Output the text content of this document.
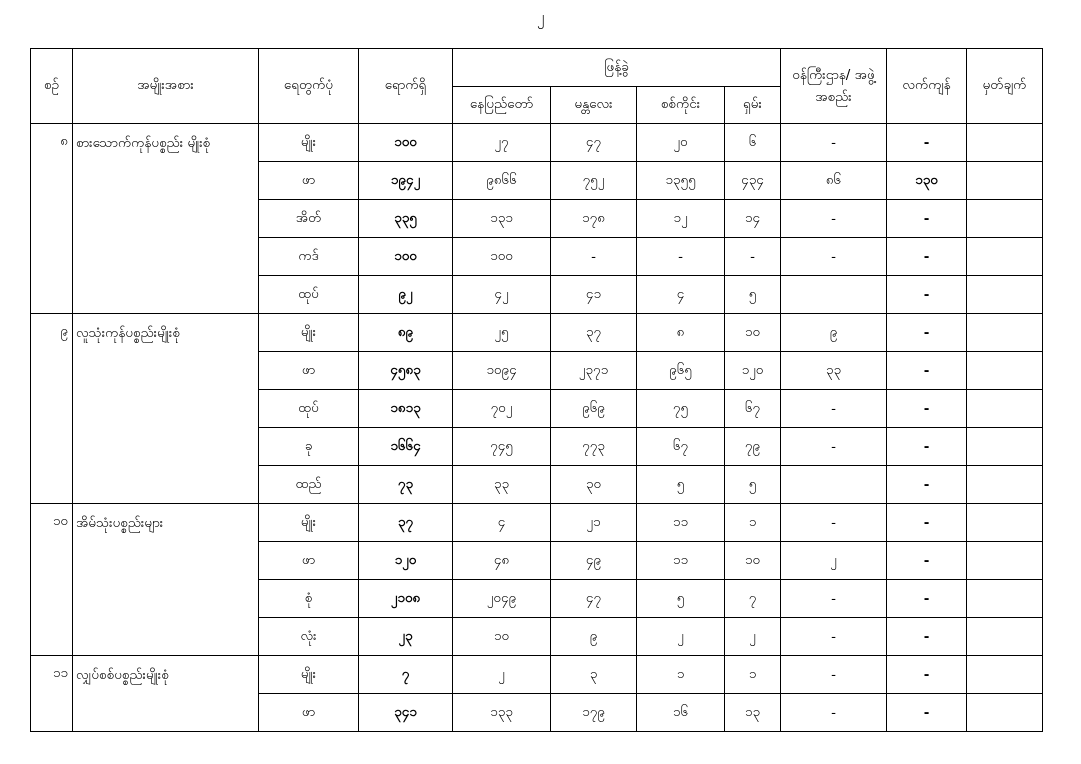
၂
စဉ်	အမျိုးအစား	ရေတွက်ပုံ	ရောက်ရှိ	ဖြန့်ခွဲ				ဝန်ကြီးဌာန/ အဖွဲ့အစည်း	လက်ကျန်	မှတ်ချက်
				နေပြည်တော်	မန္တလေး	စစ်ကိုင်း	ရှမ်း			
၈	စားသောက်ကုန်ပစ္စည်း မျိုးစုံ	မျိုး	၁၀၀	၂၇	၄၇	၂၀	၆	-	-	
		ဖာ	၁၉၄၂	၉၈၆၆	၇၅၂	၁၃၅၅	၄၃၄	၈၆	၁၃၀	
		အိတ်	၃၃၅	၁၃၁	၁၇၈	၁၂	၁၄	-	-	
		ကဒ်	၁၀၀	၁၀၀	-	-	-	-	-	
		ထုပ်	၉၂	၄၂	၄၁	၄	၅		-	
၉	လူသုံးကုန်ပစ္စည်းမျိုးစုံ	မျိုး	၈၉	၂၅	၃၇	၈	၁၀	၉	-	
		ဖာ	၄၅၈၃	၁၀၉၄	၂၃၇၁	၉၆၅	၁၂၀	၃၃	-	
		ထုပ်	၁၈၁၃	၇၀၂	၉၆၉	၇၅	၆၇	-	-	
		ခု	၁၆၆၄	၇၄၅	၇၇၃	၆၇	၇၉	-	-	
		ထည်	၇၃	၃၃	၃၀	၅	၅		-	
၁၀	အိမ်သုံးပစ္စည်းများ	မျိုး	၃၇	၄	၂၁	၁၁	၁	-	-	
		ဖာ	၁၂၀	၄၈	၄၉	၁၁	၁၀	၂	-	
		စုံ	၂၁၀၈	၂၀၄၉	၄၇	၅	၇	-	-	
		လုံး	၂၃	၁၀	၉	၂	၂	-	-	
၁၁	လျှပ်စစ်ပစ္စည်းမျိုးစုံ	မျိုး	၇	၂	၃	၁	၁	-	-	
		ဖာ	၃၄၁	၁၃၃	၁၇၉	၁၆	၁၃	-	-	
